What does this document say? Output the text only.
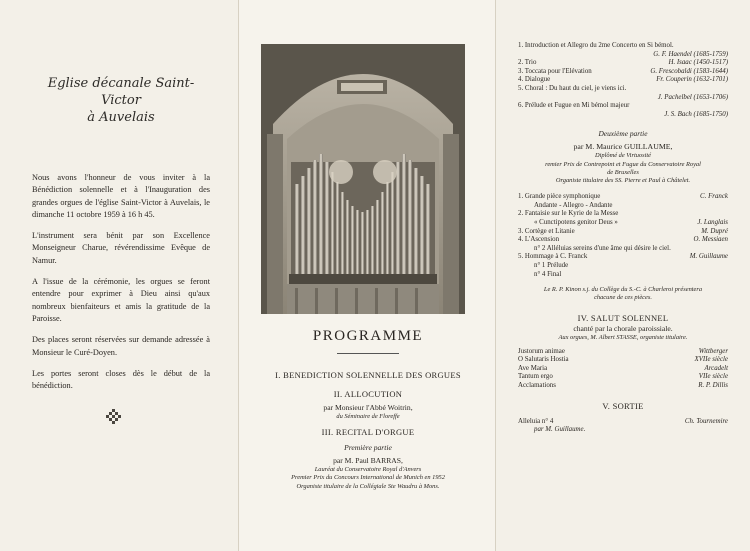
Eglise décanale Saint-Victor
à Auvelais

Nous avons l'honneur de vous inviter à la Bénédiction solennelle et à l'Inauguration des grandes orgues de l'église Saint-Victor à Auvelais, le dimanche 11 octobre 1959 à 16 h 45.

L'instrument sera bénit par son Excellence Monseigneur Charue, révérendissime Evêque de Namur.

A l'issue de la cérémonie, les orgues se feront entendre pour exprimer à Dieu ainsi qu'aux nombreux bienfaiteurs et amis la gratitude de la Paroisse.

Des places seront réservées sur demande adressée à Monsieur le Curé-Doyen.

Les portes seront closes dès le début de la bénédiction.

PROGRAMME

I. BENEDICTION SOLENNELLE DES ORGUES

II. ALLOCUTION

par Monsieur l'Abbé Woitrin,

du Séminaire de Floreffe

III. RECITAL D'ORGUE

Première partie

par M. Paul BARRAS,

Lauréat du Conservatoire Royal d'Anvers

Premier Prix du Concours International de Munich en 1952

Organiste titulaire de la Collégiale Ste Waudru à Mons.

1. Introduction et Allegro du 2me Concerto en Si bémol.
G. F. Haendel (1685-1759)
2. Trio	H. Isaac (1450-1517)
3. Toccata pour l'Elévation	G. Frescobaldi (1583-1644)
4. Dialogue	Fr. Couperin (1632-1701)
5. Choral : Du haut du ciel, je viens ici.
J. Pachelbel (1653-1706)
6. Prélude et Fugue en Mi bémol majeur
J. S. Bach (1685-1750)
Deuxième partie
par M. Maurice GUILLAUME,
Diplômé de Virtuosité
remier Prix de Contrepoint et Fugue du Conservatoire Royal
de Bruxelles
Organiste titulaire des SS. Pierre et Paul à Châtelet.
1. Grande pièce symphonique	C. Franck
Andante - Allegro - Andante
2. Fantaisie sur le Kyrie de la Messe
« Cunctipotens genitor Deus »	J. Langlais
3. Cortège et Litanie	M. Dupré
4. L'Ascension	O. Messiaen
n° 2 Alléluias sereins d'une âme qui désire le ciel.
5. Hommage à C. Franck	M. Guillaume
n° 1 Prélude
n° 4 Final
Le R. P. Kinon s.j. du Collège du S.-C. à Charleroi présentera
chacune de ces pièces.
IV. SALUT SOLENNEL
chanté par la chorale paroissiale.
Aux orgues, M. Albert STASSE, organiste titulaire.
Justorum animae	Wittberger
O Salutaris Hostia	XVIIe siècle
Ave Maria	Arcadelt
Tantum ergo	VIIe siècle
Acclamations	R. P. Dillis
V. SORTIE
Alleluia n° 4	Ch. Tournemire
par M. Guillaume.
